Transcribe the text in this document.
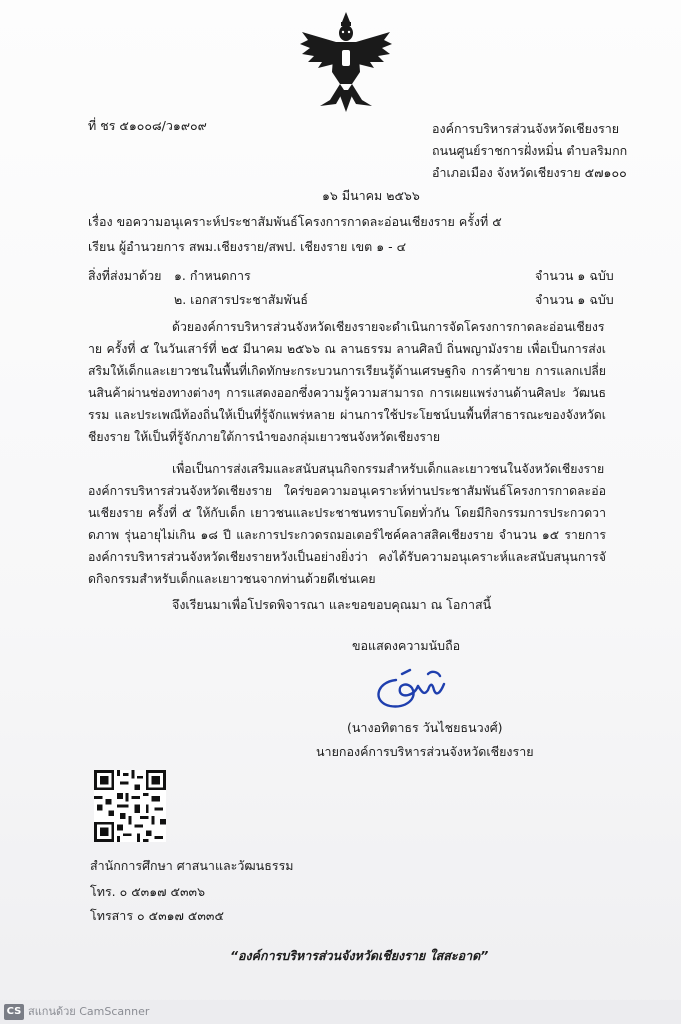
ที่ ชร ๕๑๐๐๘/ว๑๙๐๙	องค์การบริหารส่วนจังหวัดเชียงราย
ถนนศูนย์ราชการฝั่งหมิ่น ตำบลริมกก
อำเภอเมือง จังหวัดเชียงราย ๕๗๑๐๐
๑๖ มีนาคม ๒๕๖๖
เรื่อง ขอความอนุเคราะห์ประชาสัมพันธ์โครงการกาดละอ่อนเชียงราย ครั้งที่ ๕
เรียน ผู้อำนวยการ สพม.เชียงราย/สพป. เชียงราย เขต ๑ - ๔
สิ่งที่ส่งมาด้วย ๑. กำหนดการ	จำนวน ๑ ฉบับ
๒. เอกสารประชาสัมพันธ์	จำนวน ๑ ฉบับ
ด้วยองค์การบริหารส่วนจังหวัดเชียงรายจะดำเนินการจัดโครงการกาดละอ่อนเชียงราย ครั้งที่ ๕ ในวันเสาร์ที่ ๒๕ มีนาคม ๒๕๖๖ ณ ลานธรรม ลานศิลป์ ถิ่นพญามังราย เพื่อเป็นการส่งเสริมให้เด็กและเยาวชนในพื้นที่เกิดทักษะกระบวนการเรียนรู้ด้านเศรษฐกิจ การค้าขาย การแลกเปลี่ยนสินค้าผ่านช่องทางต่างๆ การแสดงออกซึ่งความรู้ความสามารถ การเผยแพร่งานด้านศิลปะ วัฒนธรรม และประเพณีท้องถิ่นให้เป็นที่รู้จักแพร่หลาย ผ่านการใช้ประโยชน์บนพื้นที่สาธารณะของจังหวัดเชียงราย ให้เป็นที่รู้จักภายใต้การนำของกลุ่มเยาวชนจังหวัดเชียงราย
เพื่อเป็นการส่งเสริมและสนับสนุนกิจกรรมสำหรับเด็กและเยาวชนในจังหวัดเชียงราย องค์การบริหารส่วนจังหวัดเชียงราย ใคร่ขอความอนุเคราะห์ท่านประชาสัมพันธ์โครงการกาดละอ่อนเชียงราย ครั้งที่ ๕ ให้กับเด็ก เยาวชนและประชาชนทราบโดยทั่วกัน โดยมีกิจกรรมการประกวดวาดภาพ รุ่นอายุไม่เกิน ๑๘ ปี และการประกวดรถมอเตอร์ไซค์คลาสสิคเชียงราย จำนวน ๑๕ รายการ องค์การบริหารส่วนจังหวัดเชียงรายหวังเป็นอย่างยิ่งว่า คงได้รับความอนุเคราะห์และสนับสนุนการจัดกิจกรรมสำหรับเด็กและเยาวชนจากท่านด้วยดีเช่นเคย
จึงเรียนมาเพื่อโปรดพิจารณา และขอขอบคุณมา ณ โอกาสนี้
ขอแสดงความนับถือ
(นางอทิตาธร วันไชยธนวงศ์)
นายกองค์การบริหารส่วนจังหวัดเชียงราย
สำนักการศึกษา ศาสนาและวัฒนธรรม
โทร. ๐ ๕๓๑๗ ๕๓๓๖
โทรสาร ๐ ๕๓๑๗ ๕๓๓๕
“องค์การบริหารส่วนจังหวัดเชียงราย ใสสะอาด”
CS สแกนด้วย CamScanner
